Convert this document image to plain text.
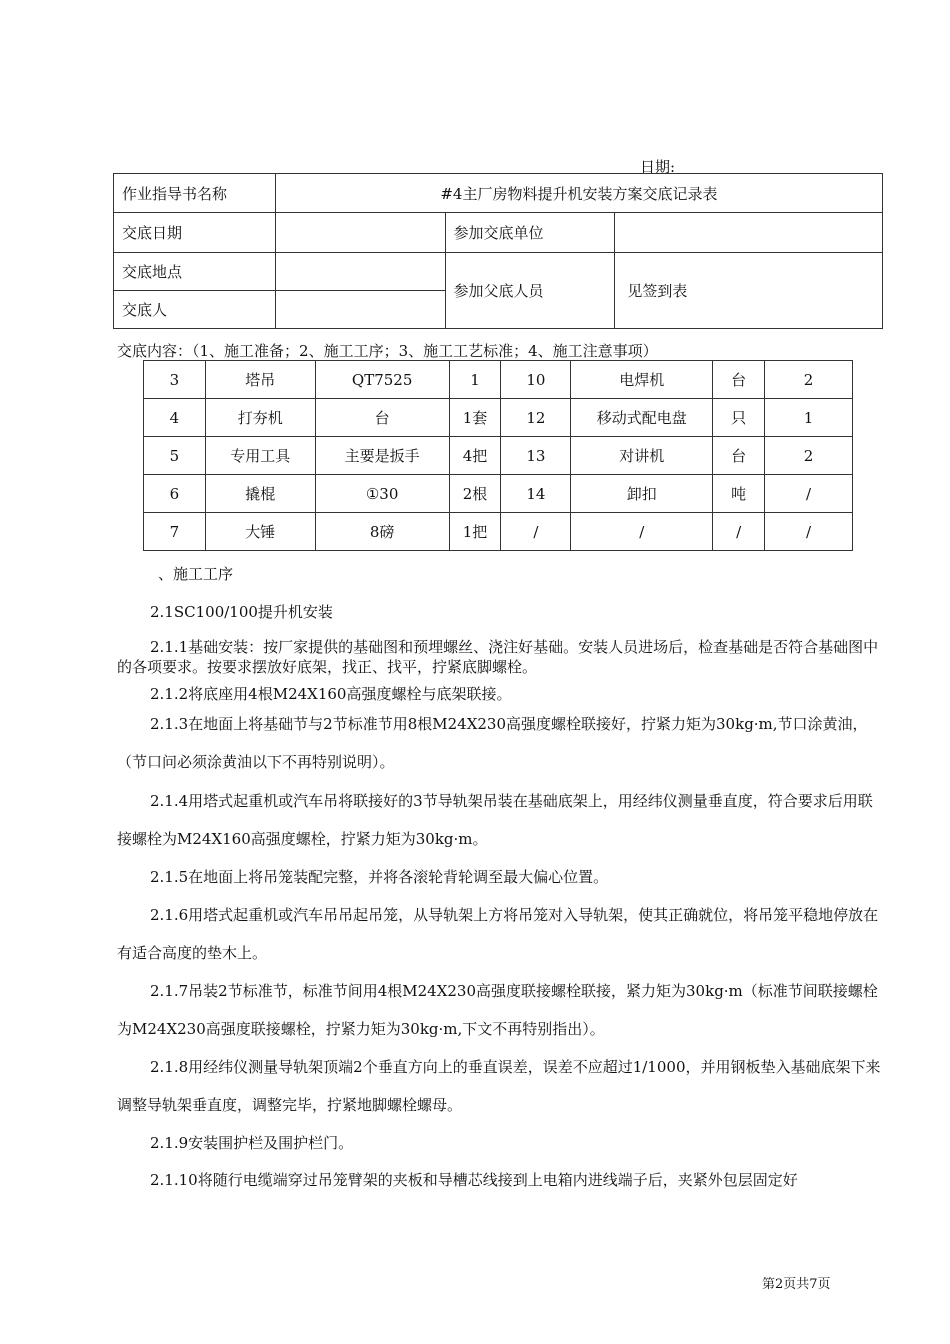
日期:
作业指导书名称	#4主厂房物料提升机安装方案交底记录表		
交底日期		参加交底单位	
交底地点		参加父底人员	见签到表
交底人			
交底内容：（1、施工准备；2、施工工序；3、施工工艺标准；4、施工注意事项）
3	塔吊	QT7525	1	10	电焊机	台	2
4	打夯机	台	1套	12	移动式配电盘	只	1
5	专用工具	主要是扳手	4把	13	对讲机	台	2
6	撬棍	①30	2根	14	卸扣	吨	/
7	大锤	8磅	1把	/	/	/	/
、施工工序
2.1SC100/100提升机安装
2.1.1基础安装：按厂家提供的基础图和预埋螺丝、浇注好基础。安装人员进场后，检查基础是否符合基础图中的各项要求。按要求摆放好底架，找正、找平，拧紧底脚螺栓。
2.1.2将底座用4根M24X160高强度螺栓与底架联接。
2.1.3在地面上将基础节与2节标准节用8根M24X230高强度螺栓联接好，拧紧力矩为30kg·m,节口涂黄油，（节口问必须涂黄油以下不再特别说明）。
2.1.4用塔式起重机或汽车吊将联接好的3节导轨架吊装在基础底架上，用经纬仪测量垂直度，符合要求后用联接螺栓为M24X160高强度螺栓，拧紧力矩为30kg·m。
2.1.5在地面上将吊笼装配完整，并将各滚轮背轮调至最大偏心位置。
2.1.6用塔式起重机或汽车吊吊起吊笼，从导轨架上方将吊笼对入导轨架，使其正确就位，将吊笼平稳地停放在有适合高度的垫木上。
2.1.7吊装2节标准节，标准节间用4根M24X230高强度联接螺栓联接，紧力矩为30kg·m（标准节间联接螺栓为M24X230高强度联接螺栓，拧紧力矩为30kg·m,下文不再特别指出）。
2.1.8用经纬仪测量导轨架顶端2个垂直方向上的垂直误差，误差不应超过1/1000，并用钢板垫入基础底架下来调整导轨架垂直度，调整完毕，拧紧地脚螺栓螺母。
2.1.9安装围护栏及围护栏门。
2.1.10将随行电缆端穿过吊笼臂架的夹板和导槽芯线接到上电箱内进线端子后，夹紧外包层固定好
第2页共7页
